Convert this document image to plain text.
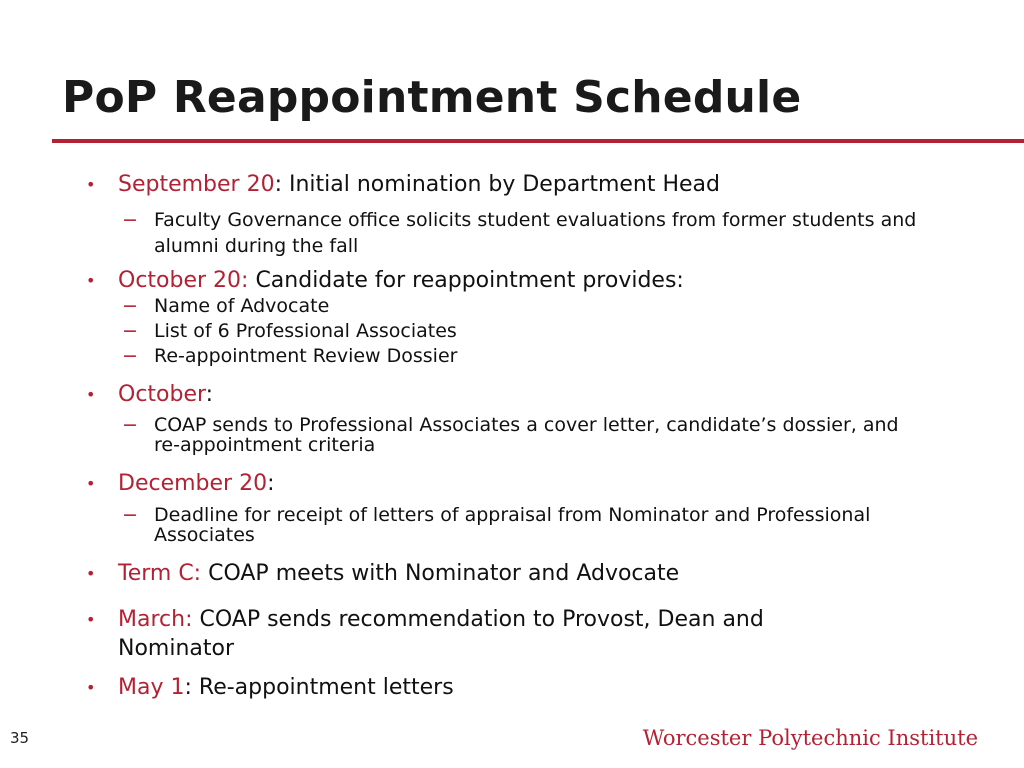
PoP Reappointment Schedule
• September 20: Initial nomination by Department Head
− Faculty Governance office solicits student evaluations from former students and alumni during the fall
• October 20: Candidate for reappointment provides:
− Name of Advocate
− List of 6 Professional Associates
− Re-appointment Review Dossier
• October:
− COAP sends to Professional Associates a cover letter, candidate’s dossier, and re-appointment criteria
• December 20:
− Deadline for receipt of letters of appraisal from Nominator and Professional Associates
• Term C: COAP meets with Nominator and Advocate
• March: COAP sends recommendation to Provost, Dean and Nominator
• May 1: Re-appointment letters
35	Worcester Polytechnic Institute
